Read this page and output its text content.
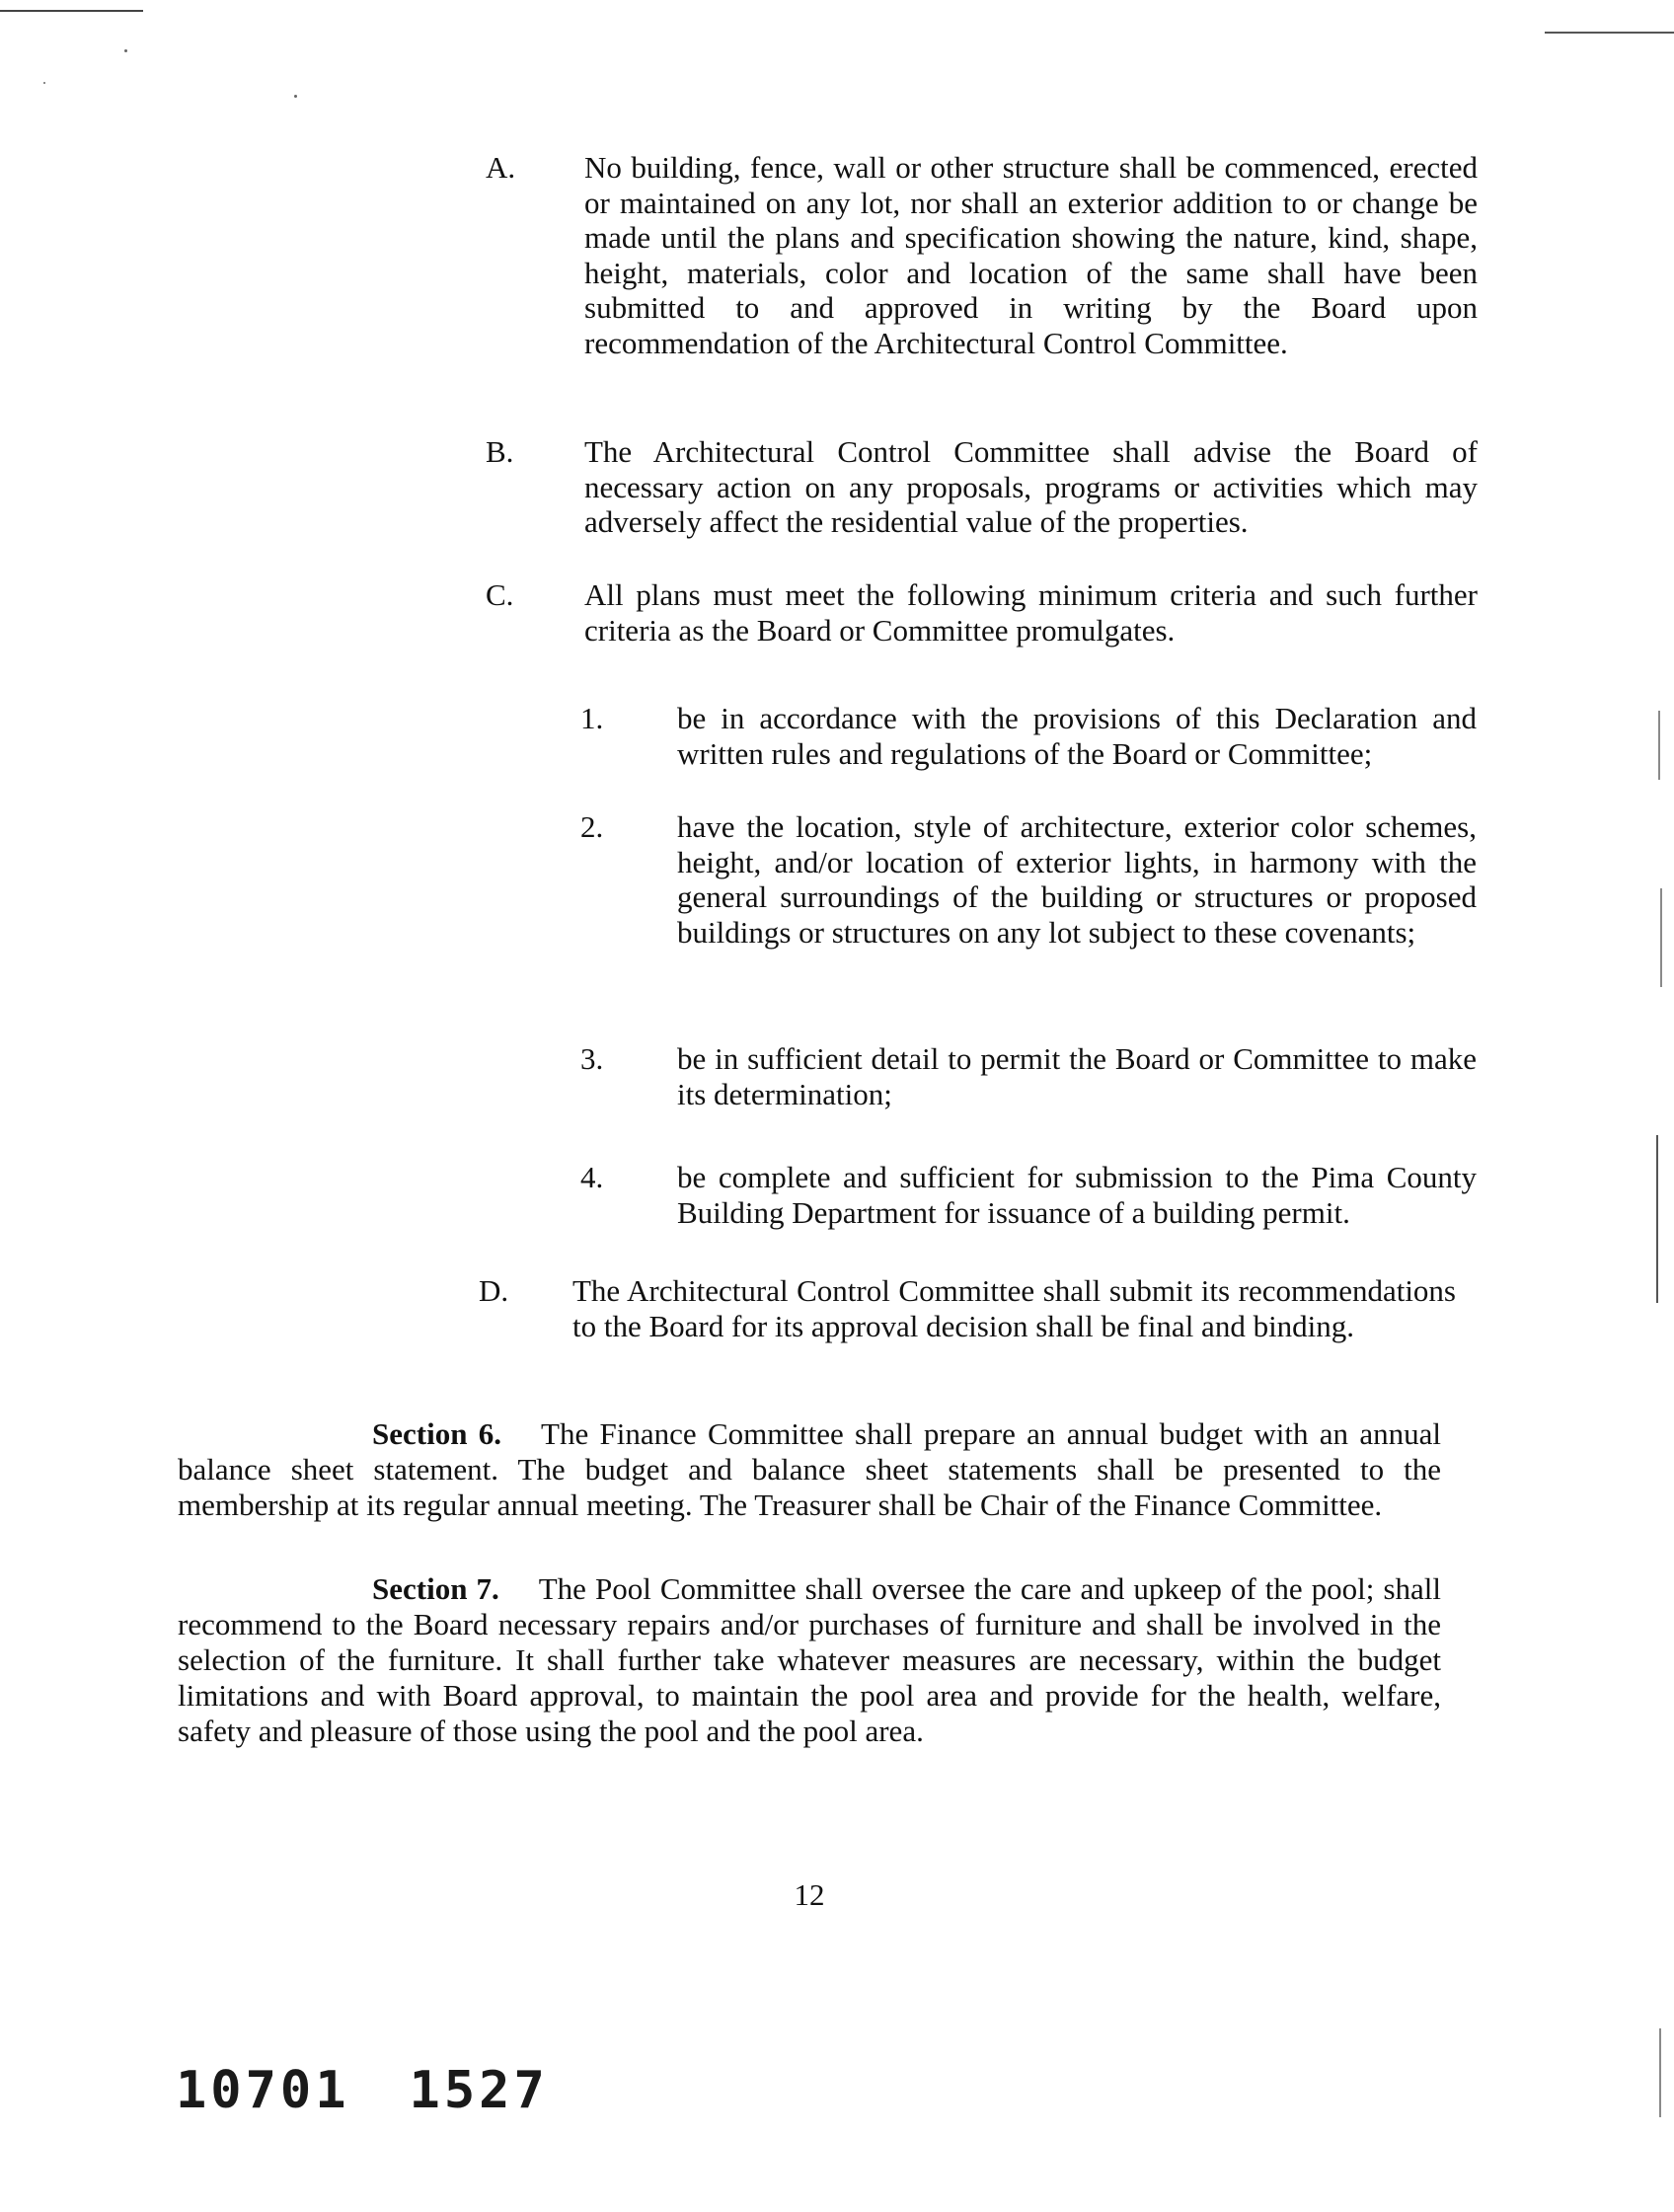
A. No building, fence, wall or other structure shall be commenced, erected or maintained on any lot, nor shall an exterior addition to or change be made until the plans and specification showing the nature, kind, shape, height, materials, color and location of the same shall have been submitted to and approved in writing by the Board upon recommendation of the Architectural Control Committee.
B. The Architectural Control Committee shall advise the Board of necessary action on any proposals, programs or activities which may adversely affect the residential value of the properties.
C. All plans must meet the following minimum criteria and such further criteria as the Board or Committee promulgates.
1. be in accordance with the provisions of this Declaration and written rules and regulations of the Board or Committee;
2. have the location, style of architecture, exterior color schemes, height, and/or location of exterior lights, in harmony with the general surroundings of the building or structures or proposed buildings or structures on any lot subject to these covenants;
3. be in sufficient detail to permit the Board or Committee to make its determination;
4. be complete and sufficient for submission to the Pima County Building Department for issuance of a building permit.
D. The Architectural Control Committee shall submit its recommendations to the Board for its approval decision shall be final and binding.
Section 6. The Finance Committee shall prepare an annual budget with an annual balance sheet statement. The budget and balance sheet statements shall be presented to the membership at its regular annual meeting. The Treasurer shall be Chair of the Finance Committee.
Section 7. The Pool Committee shall oversee the care and upkeep of the pool; shall recommend to the Board necessary repairs and/or purchases of furniture and shall be involved in the selection of the furniture. It shall further take whatever measures are necessary, within the budget limitations and with Board approval, to maintain the pool area and provide for the health, welfare, safety and pleasure of those using the pool and the pool area.
12
10701 1527
